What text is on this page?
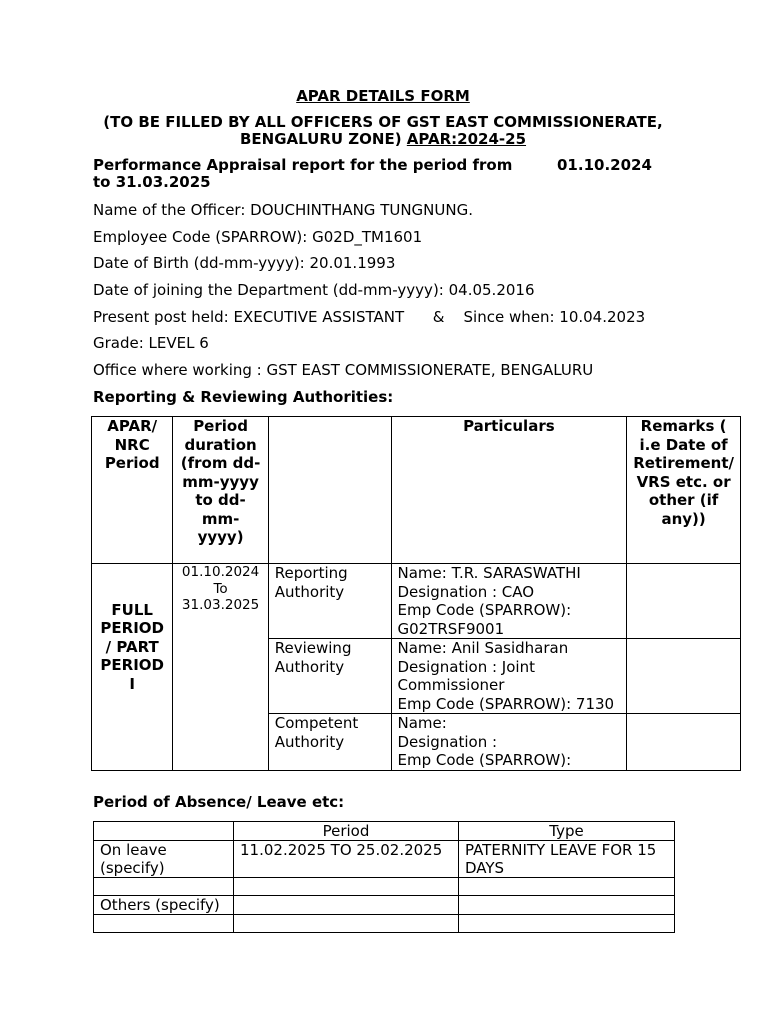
APAR DETAILS FORM
(TO BE FILLED BY ALL OFFICERS OF GST EAST COMMISSIONERATE,
BENGALURU ZONE) APAR:2024-25
Performance Appraisal report for the period from	01.10.2024

to 31.03.2025
Name of the Officer: DOUCHINTHANG TUNGNUNG.
Employee Code (SPARROW): G02D_TM1601
Date of Birth (dd-mm-yyyy): 20.01.1993
Date of joining the Department (dd-mm-yyyy): 04.05.2016
Present post held: EXECUTIVE ASSISTANT      &    Since when: 10.04.2023
Grade: LEVEL 6
Office where working : GST EAST COMMISSIONERATE, BENGALURU
Reporting & Reviewing Authorities:
APAR/ NRC Period	Period duration (from dd-mm-yyyy to dd-mm-yyyy)		Particulars	Remarks ( i.e Date of Retirement/ VRS etc. or other (if any))
FULL PERIOD / PART PERIOD I	01.10.2024
To
31.03.2025	Reporting Authority	Name: T.R. SARASWATHI
Designation : CAO
Emp Code (SPARROW):
G02TRSF9001	
		Reviewing Authority	Name: Anil Sasidharan
Designation : Joint Commissioner
Emp Code (SPARROW): 7130	
		Competent Authority	Name:
Designation :
Emp Code (SPARROW):	
Period of Absence/ Leave etc:
	Period	Type
On leave (specify)	11.02.2025 TO 25.02.2025	PATERNITY LEAVE FOR 15 DAYS

Others (specify)		
